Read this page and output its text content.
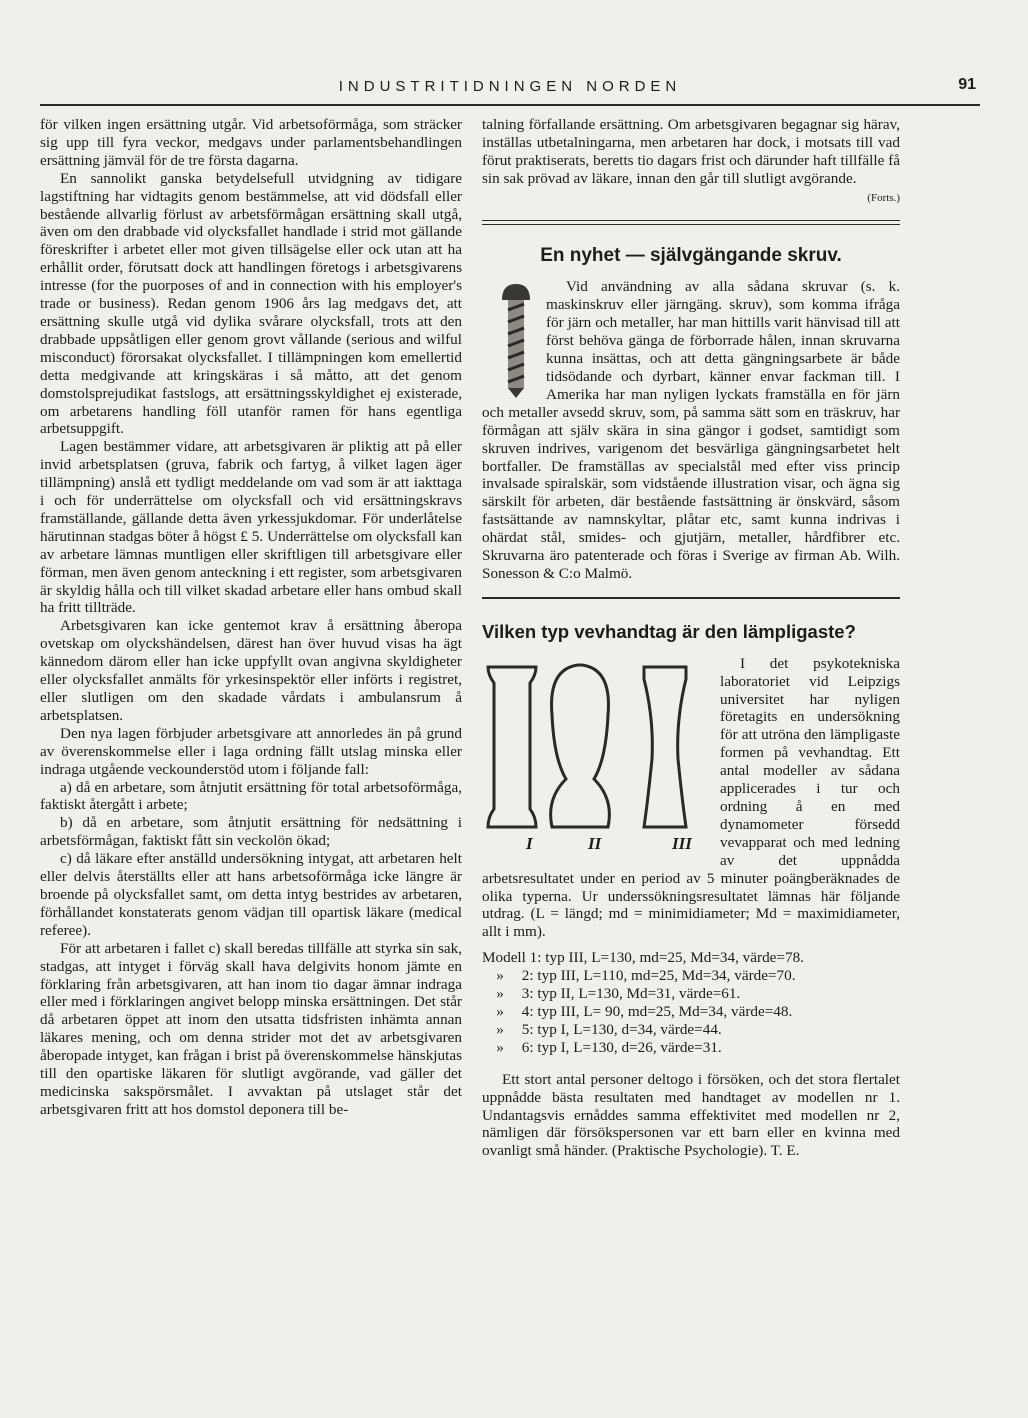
INDUSTRITIDNINGEN NORDEN	91

för vilken ingen ersättning utgår. Vid arbetsoförmåga, som sträcker sig upp till fyra veckor, medgavs under parlamentsbehandlingen ersättning jämväl för de tre första dagarna.

En sannolikt ganska betydelsefull utvidgning av tidigare lagstiftning har vidtagits genom bestämmelse, att vid dödsfall eller bestående allvarlig förlust av arbetsförmågan ersättning skall utgå, även om den drabbade vid olycksfallet handlade i strid mot gällande föreskrifter i arbetet eller mot given tillsägelse eller ock utan att ha erhållit order, förutsatt dock att handlingen företogs i arbetsgivarens intresse (for the puorposes of and in connection with his employer's trade or business). Redan genom 1906 års lag medgavs det, att ersättning skulle utgå vid dylika svårare olycksfall, trots att den drabbade uppsåtligen eller genom grovt vållande (serious and wilful misconduct) förorsakat olycksfallet. I tillämpningen kom emellertid detta medgivande att kringskäras i så måtto, att det genom domstolsprejudikat fastslogs, att ersättningsskyldighet ej existerade, om arbetarens handling föll utanför ramen för hans egentliga arbetsuppgift.

Lagen bestämmer vidare, att arbetsgivaren är pliktig att på eller invid arbetsplatsen (gruva, fabrik och fartyg, å vilket lagen äger tillämpning) anslå ett tydligt meddelande om vad som är att iakttaga i och för underrättelse om olycksfall och vid ersättningskravs framställande, gällande detta även yrkessjukdomar. För underlåtelse härutinnan stadgas böter å högst £ 5. Underrättelse om olycksfall kan av arbetare lämnas muntligen eller skriftligen till arbetsgivare eller förman, men även genom anteckning i ett register, som arbetsgivaren är skyldig hålla och till vilket skadad arbetare eller hans ombud skall ha fritt tillträde.

Arbetsgivaren kan icke gentemot krav å ersättning åberopa ovetskap om olyckshändelsen, därest han över huvud visas ha ägt kännedom därom eller han icke uppfyllt ovan angivna skyldigheter eller olycksfallet anmälts för yrkesinspektör eller införts i registret, eller slutligen om den skadade vårdats i ambulansrum å arbetsplatsen.

Den nya lagen förbjuder arbetsgivare att annorledes än på grund av överenskommelse eller i laga ordning fällt utslag minska eller indraga utgående veckounderstöd utom i följande fall:

a) då en arbetare, som åtnjutit ersättning för total arbetsoförmåga, faktiskt återgått i arbete;

b) då en arbetare, som åtnjutit ersättning för nedsättning i arbetsförmågan, faktiskt fått sin veckolön ökad;

c) då läkare efter anställd undersökning intygat, att arbetaren helt eller delvis återställts eller att hans arbetsoförmåga icke längre är broende på olycksfallet samt, om detta intyg bestrides av arbetaren, förhållandet konstaterats genom vädjan till opartisk läkare (medical referee).

För att arbetaren i fallet c) skall beredas tillfälle att styrka sin sak, stadgas, att intyget i förväg skall hava delgivits honom jämte en förklaring från arbetsgivaren, att han inom tio dagar ämnar indraga eller med i förklaringen angivet belopp minska ersättningen. Det står då arbetaren öppet att inom den utsatta tidsfristen inhämta annan läkares mening, och om denna strider mot det av arbetsgivaren åberopade intyget, kan frågan i brist på överenskommelse hänskjutas till den opartiske läkaren för slutligt avgörande, vad gäller det medicinska sakspörsmålet. I avvaktan på utslaget står det arbetsgivaren fritt att hos domstol deponera till be-

talning förfallande ersättning. Om arbetsgivaren begagnar sig härav, inställas utbetalningarna, men arbetaren har dock, i motsats till vad förut praktiserats, beretts tio dagars frist och därunder haft tillfälle få sin sak prövad av läkare, innan den går till slutligt avgörande.

(Forts.)
En nyhet — självgängande skruv.

Vid användning av alla sådana skruvar (s. k. maskinskruv eller järngäng. skruv), som komma ifråga för järn och metaller, har man hittills varit hänvisad till att först behöva gänga de förborrade hålen, innan skruvarna kunna insättas, och att detta gängningsarbete är både tidsödande och dyrbart, känner envar fackman till. I Amerika har man nyligen lyckats framställa en för järn och metaller avsedd skruv, som, på samma sätt som en träskruv, har förmågan att själv skära in sina gängor i godset, samtidigt som skruven indrives, varigenom det besvärliga gängningsarbetet helt bortfaller. De framställas av specialstål med efter viss princip invalsade spiralskär, som vidstående illustration visar, och ägna sig särskilt för arbeten, där bestående fastsättning är önskvärd, såsom fastsättande av namnskyltar, plåtar etc, samt kunna indrivas i ohärdat stål, smides- och gjutjärn, metaller, hårdfibrer etc. Skruvarna äro patenterade och föras i Sverige av firman Ab. Wilh. Sonesson & C:o Malmö.

Vilken typ vevhandtag är den lämpligaste?

I	II	III
I det psykotekniska laboratoriet vid Leipzigs universitet har nyligen företagits en undersökning för att utröna den lämpligaste formen på vevhandtag. Ett antal modeller av sådana applicerades i tur och ordning å en med dynamometer försedd vevapparat och med ledning av det uppnådda arbetsresultatet under en period av 5 minuter poängberäknades de olika typerna. Ur underssökningsresultatet lämnas här följande utdrag. (L = längd; md = minimidiameter; Md = maximidiameter, allt i mm).

Modell 1: typ III, L=130, md=25, Md=34, värde=78.
» 2: typ III, L=110, md=25, Md=34, värde=70.
» 3: typ II, L=130, Md=31, värde=61.
» 4: typ III, L= 90, md=25, Md=34, värde=48.
» 5: typ I, L=130, d=34, värde=44.
» 6: typ I, L=130, d=26, värde=31.

Ett stort antal personer deltogo i försöken, och det stora flertalet uppnådde bästa resultaten med handtaget av modellen nr 1. Undantagsvis ernåddes samma effektivitet med modellen nr 2, nämligen där försökspersonen var ett barn eller en kvinna med ovanligt små händer. (Praktische Psychologie). T. E.
